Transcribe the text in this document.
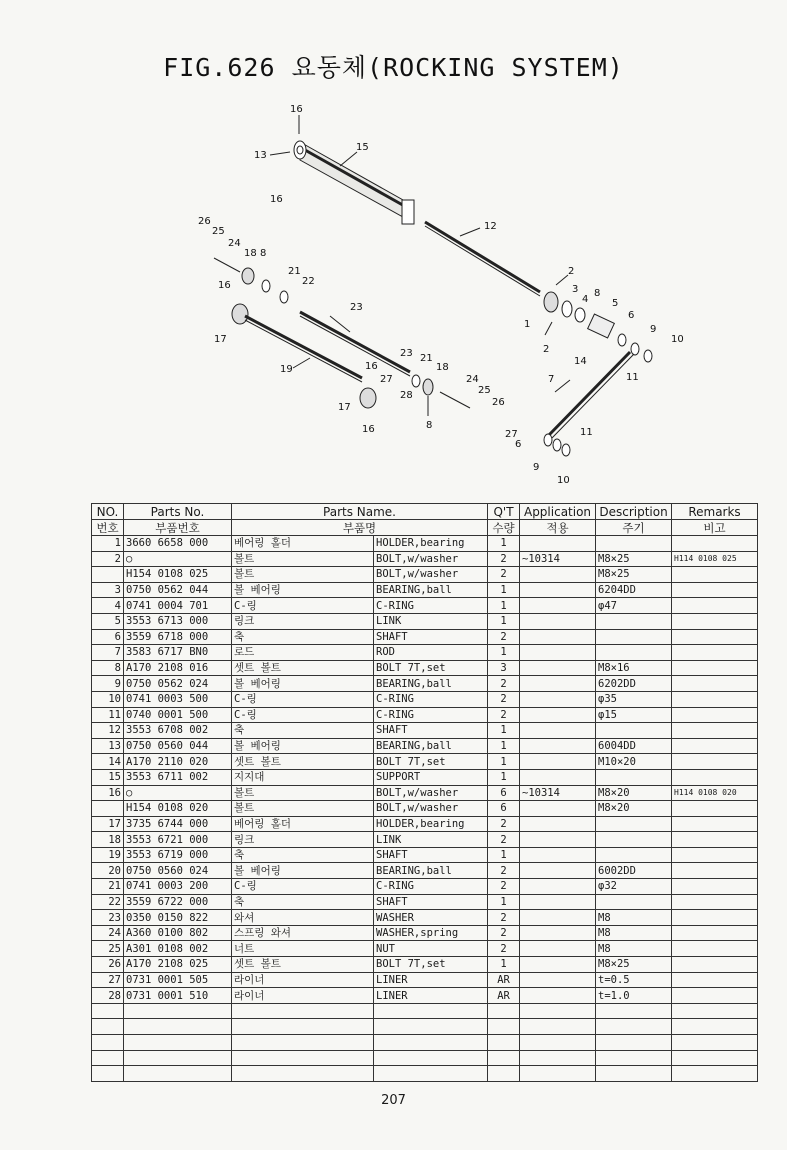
FIG.626 요동체(ROCKING SYSTEM)
16
13
15
16
12
26
25
24
18 8
21
22
2
3
4
8
5
6
9
10
1
2
14
11
7
16
23
17
19
23 21
18
16
27
28
17
16	8
24
25
26
27
6
11
9
10
NO.	Parts No.	Parts Name.		Q'T	Application	Description	Remarks
번호	부품번호	부품명		수량	적용	주기	비고
1	3660 6658 000	베어링 홀더	HOLDER,bearing	1			
2	○	볼트	BOLT,w/washer	2	~10314	M8×25	H114 0108 025
	H154 0108 025	볼트	BOLT,w/washer	2		M8×25	
3	0750 0562 044	볼 베어링	BEARING,ball	1		6204DD	
4	0741 0004 701	C-링	C-RING	1		φ47	
5	3553 6713 000	링크	LINK	1			
6	3559 6718 000	축	SHAFT	2			
7	3583 6717 BN0	로드	ROD	1			
8	A170 2108 016	셋트 볼트	BOLT 7T,set	3		M8×16	
9	0750 0562 024	볼 베어링	BEARING,ball	2		6202DD	
10	0741 0003 500	C-링	C-RING	2		φ35	
11	0740 0001 500	C-링	C-RING	2		φ15	
12	3553 6708 002	축	SHAFT	1			
13	0750 0560 044	볼 베어링	BEARING,ball	1		6004DD	
14	A170 2110 020	셋트 볼트	BOLT 7T,set	1		M10×20	
15	3553 6711 002	지지대	SUPPORT	1			
16	○	볼트	BOLT,w/washer	6	~10314	M8×20	H114 0108 020
	H154 0108 020	볼트	BOLT,w/washer	6		M8×20	
17	3735 6744 000	베어링 홀더	HOLDER,bearing	2			
18	3553 6721 000	링크	LINK	2			
19	3553 6719 000	축	SHAFT	1			
20	0750 0560 024	볼 베어링	BEARING,ball	2		6002DD	
21	0741 0003 200	C-링	C-RING	2		φ32	
22	3559 6722 000	축	SHAFT	1			
23	0350 0150 822	와셔	WASHER	2		M8	
24	A360 0100 802	스프링 와셔	WASHER,spring	2		M8	
25	A301 0108 002	너트	NUT	2		M8	
26	A170 2108 025	셋트 볼트	BOLT 7T,set	1		M8×25	
27	0731 0001 505	라이너	LINER	AR		t=0.5	
28	0731 0001 510	라이너	LINER	AR		t=1.0	

207
